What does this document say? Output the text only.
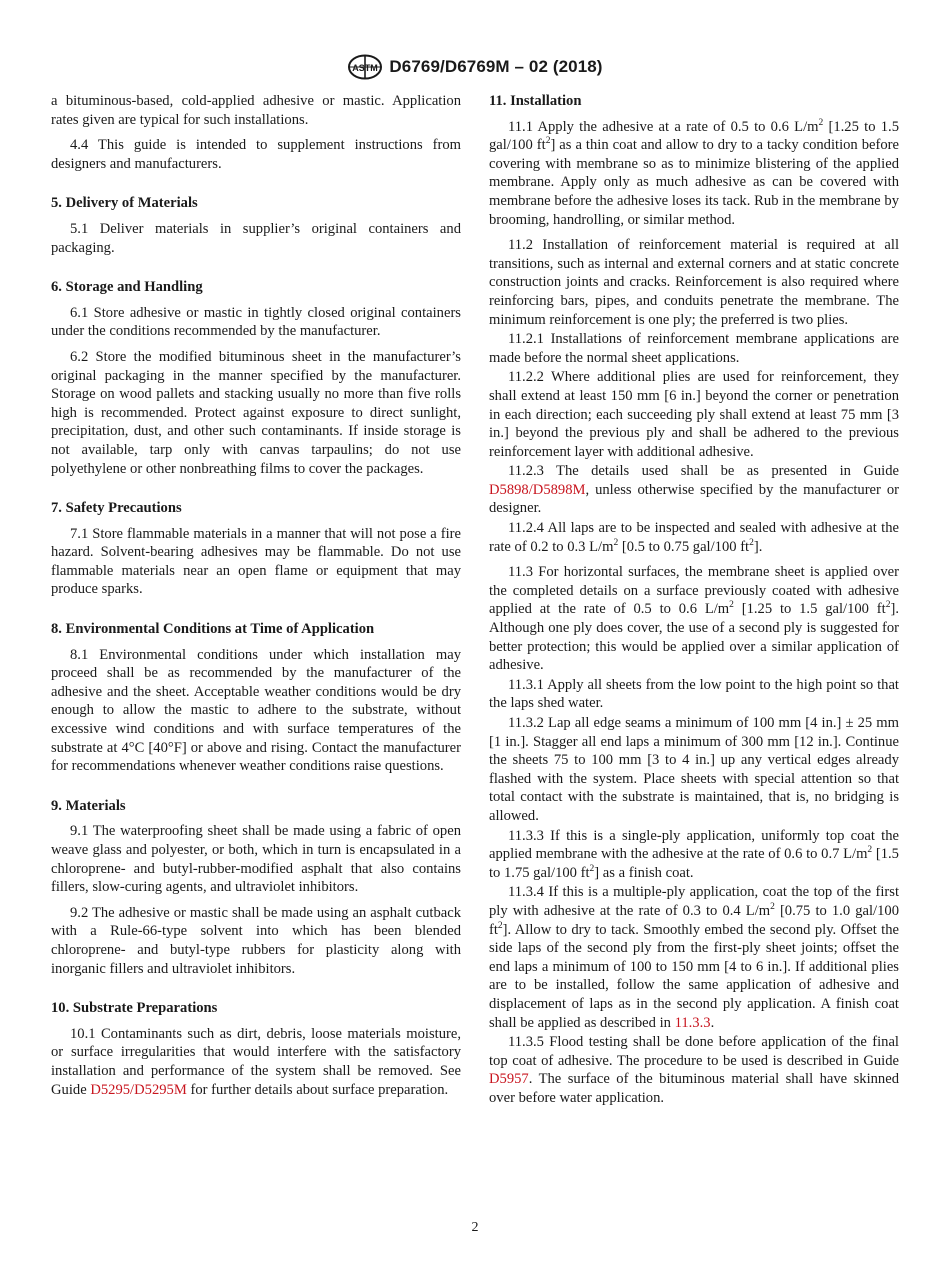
ASTM D6769/D6769M – 02 (2018)

a bituminous-based, cold-applied adhesive or mastic. Application rates given are typical for such installations.

4.4 This guide is intended to supplement instructions from designers and manufacturers.

5. Delivery of Materials

5.1 Deliver materials in supplier’s original containers and packaging.

6. Storage and Handling

6.1 Store adhesive or mastic in tightly closed original containers under the conditions recommended by the manufacturer.

6.2 Store the modified bituminous sheet in the manufacturer’s original packaging in the manner specified by the manufacturer. Storage on wood pallets and stacking usually no more than five rolls high is recommended. Protect against exposure to direct sunlight, precipitation, dust, and other such contaminants. If inside storage is not available, tarp only with canvas tarpaulins; do not use polyethylene or other nonbreathing films to cover the packages.

7. Safety Precautions

7.1 Store flammable materials in a manner that will not pose a fire hazard. Solvent-bearing adhesives may be flammable. Do not use flammable materials near an open flame or equipment that may produce sparks.

8. Environmental Conditions at Time of Application

8.1 Environmental conditions under which installation may proceed shall be as recommended by the manufacturer of the adhesive and the sheet. Acceptable weather conditions would be dry enough to allow the mastic to adhere to the substrate, without excessive wind conditions and with surface temperatures of the substrate at 4°C [40°F] or above and rising. Contact the manufacturer for recommendations whenever weather conditions raise questions.

9. Materials

9.1 The waterproofing sheet shall be made using a fabric of open weave glass and polyester, or both, which in turn is encapsulated in a chloroprene- and butyl-rubber-modified asphalt that also contains fillers, slow-curing agents, and ultraviolet inhibitors.

9.2 The adhesive or mastic shall be made using an asphalt cutback with a Rule-66-type solvent into which has been blended chloroprene- and butyl-type rubbers for plasticity along with inorganic fillers and ultraviolet inhibitors.

10. Substrate Preparations

10.1 Contaminants such as dirt, debris, loose materials moisture, or surface irregularities that would interfere with the satisfactory installation and performance of the system shall be removed. See Guide D5295/D5295M for further details about surface preparation.

11. Installation

11.1 Apply the adhesive at a rate of 0.5 to 0.6 $L/m^2$ [1.25 to 1.5 gal/100 $ft^2$] as a thin coat and allow to dry to a tacky condition before covering with membrane so as to minimize blistering of the applied membrane. Apply only as much adhesive as can be covered with membrane before the adhesive loses its tack. Rub in the membrane by brooming, handrolling, or similar method.

11.2 Installation of reinforcement material is required at all transitions, such as internal and external corners and at static concrete construction joints and cracks. Reinforcement is also required where reinforcing bars, pipes, and conduits penetrate the membrane. The minimum reinforcement is one ply; the preferred is two plies.

11.2.1 Installations of reinforcement membrane applications are made before the normal sheet applications.

11.2.2 Where additional plies are used for reinforcement, they shall extend at least 150 mm [6 in.] beyond the corner or penetration in each direction; each succeeding ply shall extend at least 75 mm [3 in.] beyond the previous ply and shall be adhered to the previous reinforcement layer with additional adhesive.

11.2.3 The details used shall be as presented in Guide D5898/D5898M, unless otherwise specified by the manufacturer or designer.

11.2.4 All laps are to be inspected and sealed with adhesive at the rate of 0.2 to 0.3 $L/m^2$ [0.5 to 0.75 gal/100 $ft^2$].

11.3 For horizontal surfaces, the membrane sheet is applied over the completed details on a surface previously coated with adhesive applied at the rate of 0.5 to 0.6 $L/m^2$ [1.25 to 1.5 gal/100 $ft^2$]. Although one ply does cover, the use of a second ply is suggested for better protection; this would be applied over a similar application of adhesive.

11.3.1 Apply all sheets from the low point to the high point so that the laps shed water.

11.3.2 Lap all edge seams a minimum of 100 mm [4 in.] ± 25 mm [1 in.]. Stagger all end laps a minimum of 300 mm [12 in.]. Continue the sheets 75 to 100 mm [3 to 4 in.] up any vertical edges already flashed with the system. Place sheets with special attention so that total contact with the substrate is maintained, that is, no bridging is allowed.

11.3.3 If this is a single-ply application, uniformly top coat the applied membrane with the adhesive at the rate of 0.6 to 0.7 $L/m^2$ [1.5 to 1.75 gal/100 $ft^2$] as a finish coat.

11.3.4 If this is a multiple-ply application, coat the top of the first ply with adhesive at the rate of 0.3 to 0.4 $L/m^2$ [0.75 to 1.0 gal/100 $ft^2$]. Allow to dry to tack. Smoothly embed the second ply. Offset the side laps of the second ply from the first-ply sheet joints; offset the end laps a minimum of 100 to 150 mm [4 to 6 in.]. If additional plies are to be installed, follow the same application of adhesive and displacement of laps as in the second ply application. A finish coat shall be applied as described in 11.3.3.

11.3.5 Flood testing shall be done before application of the final top coat of adhesive. The procedure to be used is described in Guide D5957. The surface of the bituminous material shall have skinned over before water application.

2
